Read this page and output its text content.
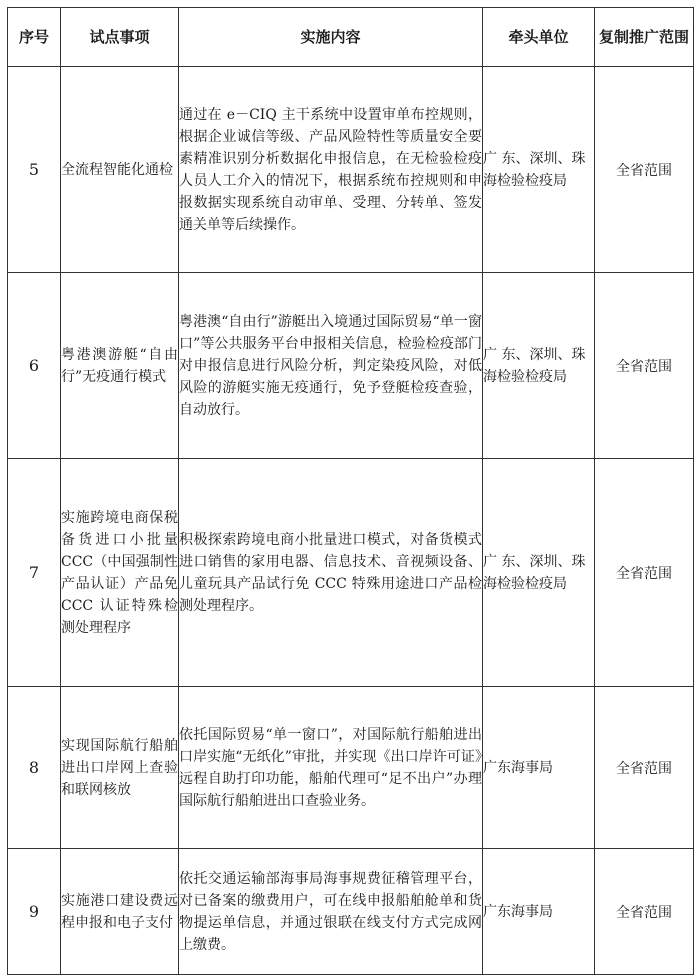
序号	试点事项	实施内容	牵头单位	复制推广范围
5	全流程智能化通检	通过在 e－CIQ 主干系统中设置审单布控规则，根据企业诚信等级、产品风险特性等质量安全要素精准识别分析数据化申报信息，在无检验检疫人员人工介入的情况下，根据系统布控规则和申报数据实现系统自动审单、受理、分转单、签发通关单等后续操作。	广 东、深圳、珠海检验检疫局	全省范围
6	粤港澳游艇“自由行”无疫通行模式	粤港澳“自由行”游艇出入境通过国际贸易“单一窗口”等公共服务平台申报相关信息，检验检疫部门对申报信息进行风险分析，判定染疫风险，对低风险的游艇实施无疫通行，免予登艇检疫查验，自动放行。	广 东、深圳、珠海检验检疫局	全省范围
7	实施跨境电商保税备货进口小批量 CCC（中国强制性产品认证）产品免 CCC 认证特殊检测处理程序	积极探索跨境电商小批量进口模式，对备货模式进口销售的家用电器、信息技术、音视频设备、儿童玩具产品试行免 CCC 特殊用途进口产品检测处理程序。	广 东、深圳、珠海检验检疫局	全省范围
8	实现国际航行船舶进出口岸网上查验和联网核放	依托国际贸易“单一窗口”，对国际航行船舶进出口岸实施“无纸化”审批，并实现《出口岸许可证》远程自助打印功能，船舶代理可“足不出户”办理国际航行船舶进出口查验业务。	广东海事局	全省范围
9	实施港口建设费远程申报和电子支付	依托交通运输部海事局海事规费征稽管理平台，对已备案的缴费用户，可在线申报船舶舱单和货物提运单信息，并通过银联在线支付方式完成网上缴费。	广东海事局	全省范围
